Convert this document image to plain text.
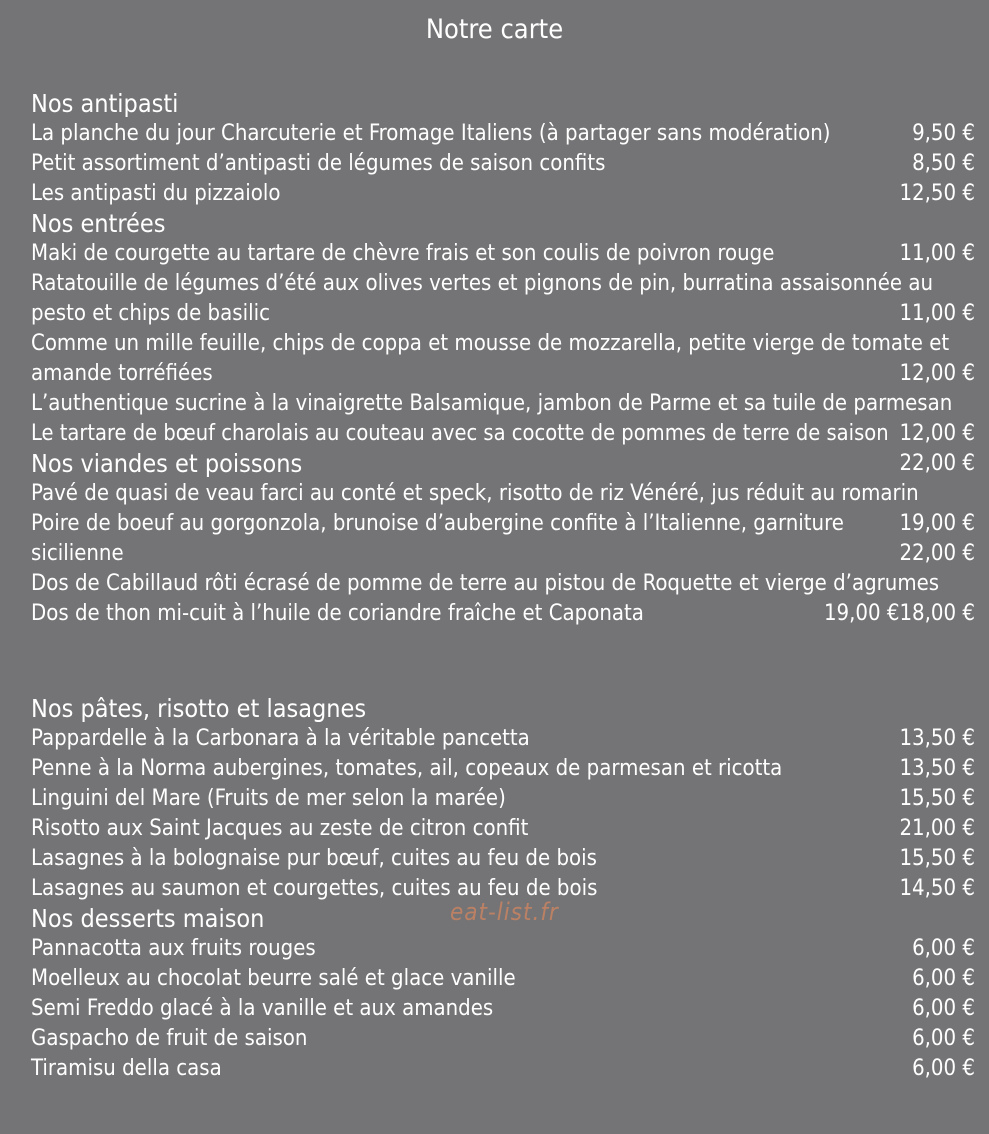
Notre carte
Nos antipasti
La planche du jour Charcuterie et Fromage Italiens (à partager sans modération)	9,50 €
Petit assortiment d’antipasti de légumes de saison confits	8,50 €
Les antipasti du pizzaiolo	12,50 €
Nos entrées
Maki de courgette au tartare de chèvre frais et son coulis de poivron rouge	11,00 €
Ratatouille de légumes d’été aux olives vertes et pignons de pin, burratina assaisonnée au
pesto et chips de basilic	11,00 €
Comme un mille feuille, chips de coppa et mousse de mozzarella, petite vierge de tomate et
amande torréfiées	12,00 €
L’authentique sucrine à la vinaigrette Balsamique, jambon de Parme et sa tuile de parmesan
Le tartare de bœuf charolais au couteau avec sa cocotte de pommes de terre de saison 12,00 €
Nos viandes et poissons	22,00 €
Pavé de quasi de veau farci au conté et speck, risotto de riz Vénéré, jus réduit au romarin
Poire de boeuf au gorgonzola, brunoise d’aubergine confite à l’Italienne, garniture	19,00 €
sicilienne	22,00 €
Dos de Cabillaud rôti écrasé de pomme de terre au pistou de Roquette et vierge d’agrumes
Dos de thon mi-cuit à l’huile de coriandre fraîche et Caponata	19,00 €18,00 €
Nos pâtes, risotto et lasagnes
Pappardelle à la Carbonara à la véritable pancetta	13,50 €
Penne à la Norma aubergines, tomates, ail, copeaux de parmesan et ricotta	13,50 €
Linguini del Mare (Fruits de mer selon la marée)	15,50 €
Risotto aux Saint Jacques au zeste de citron confit	21,00 €
Lasagnes à la bolognaise pur bœuf, cuites au feu de bois	15,50 €
Lasagnes au saumon et courgettes, cuites au feu de bois	14,50 €
Nos desserts maison
Pannacotta aux fruits rouges	6,00 €
Moelleux au chocolat beurre salé et glace vanille	6,00 €
Semi Freddo glacé à la vanille et aux amandes	6,00 €
Gaspacho de fruit de saison	6,00 €
Tiramisu della casa	6,00 €
eat-list.fr
